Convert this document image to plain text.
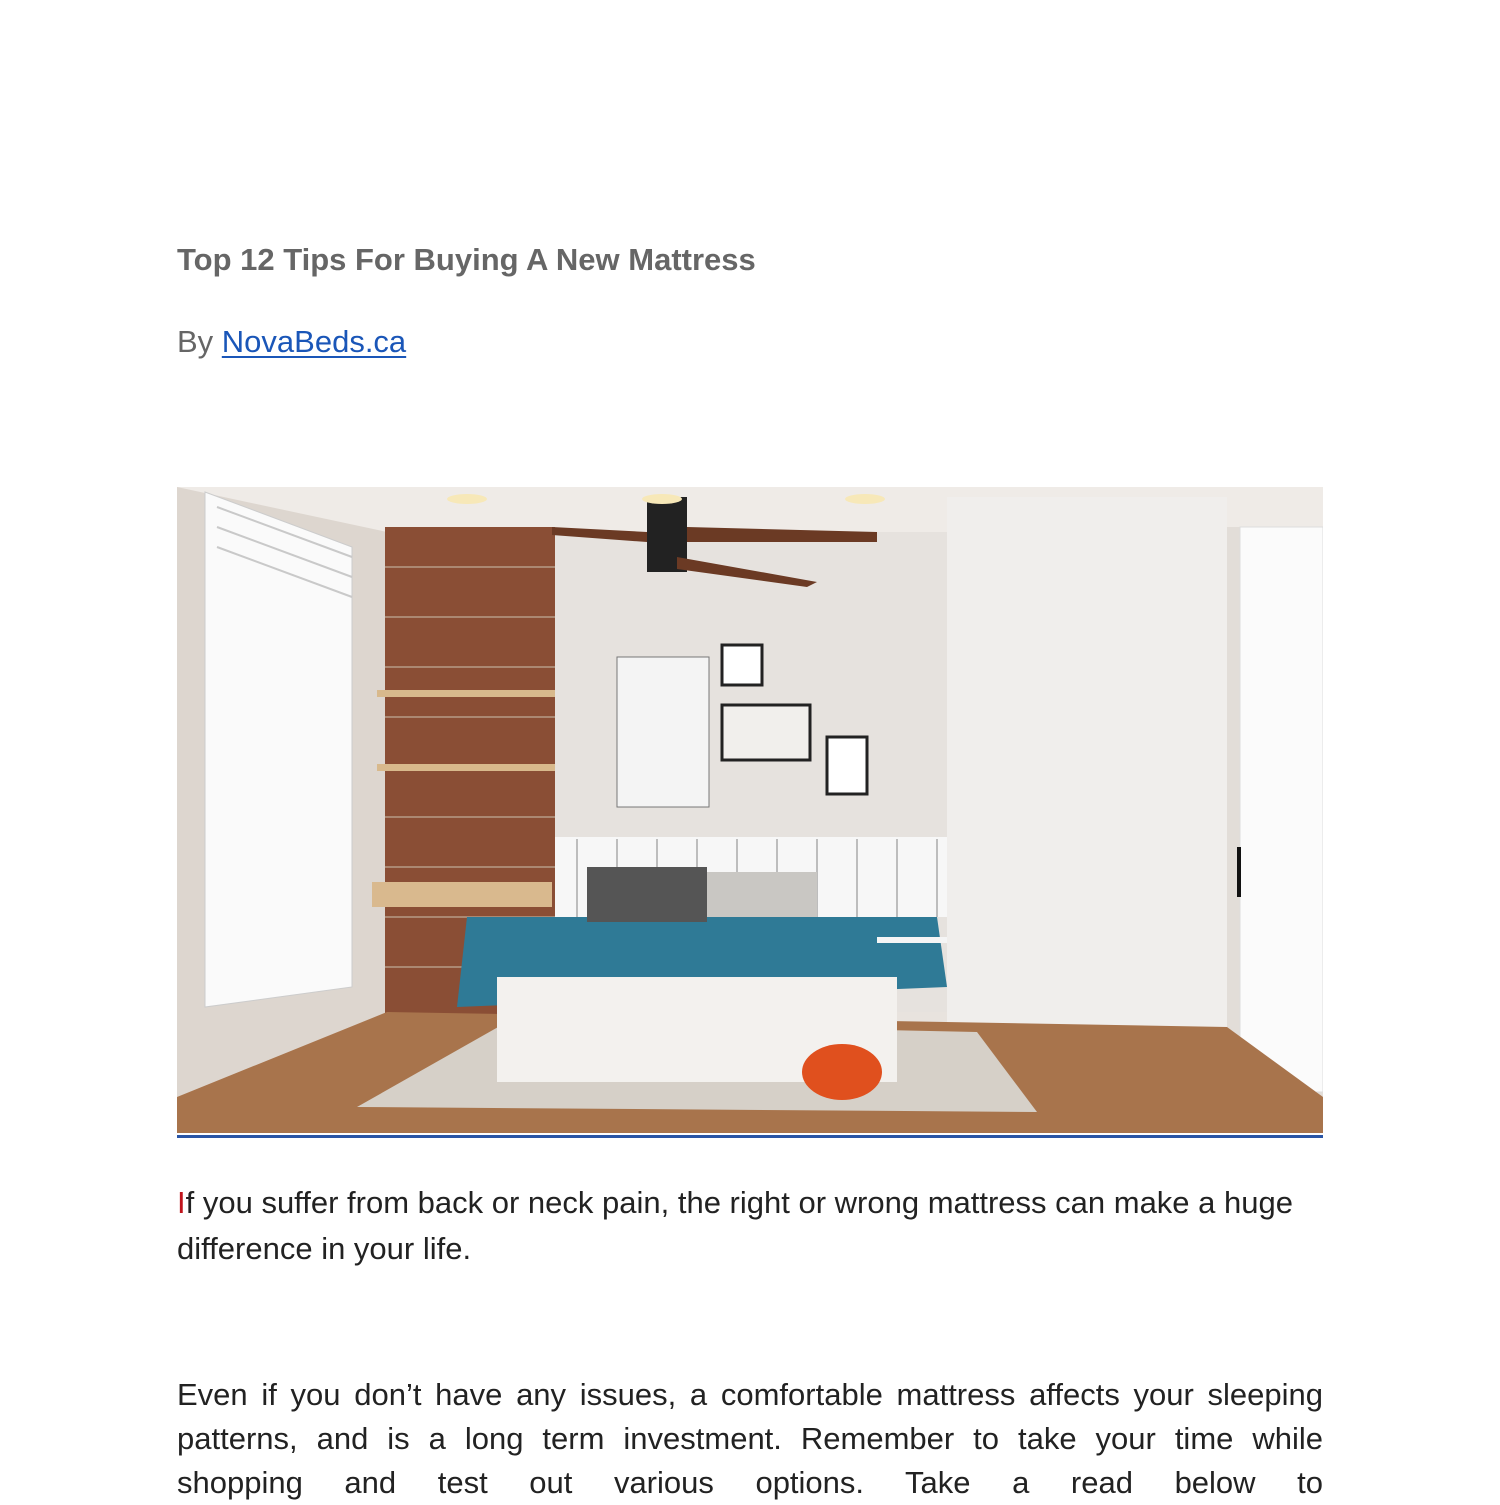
Top 12 Tips For Buying A New Mattress
By NovaBeds.ca

If you suffer from back or neck pain, the right or wrong mattress can make a huge difference in your life.

Even if you don’t have any issues, a comfortable mattress affects your sleeping patterns, and is a long term investment. Remember to take your time while shopping and test out various options. Take a read below to
